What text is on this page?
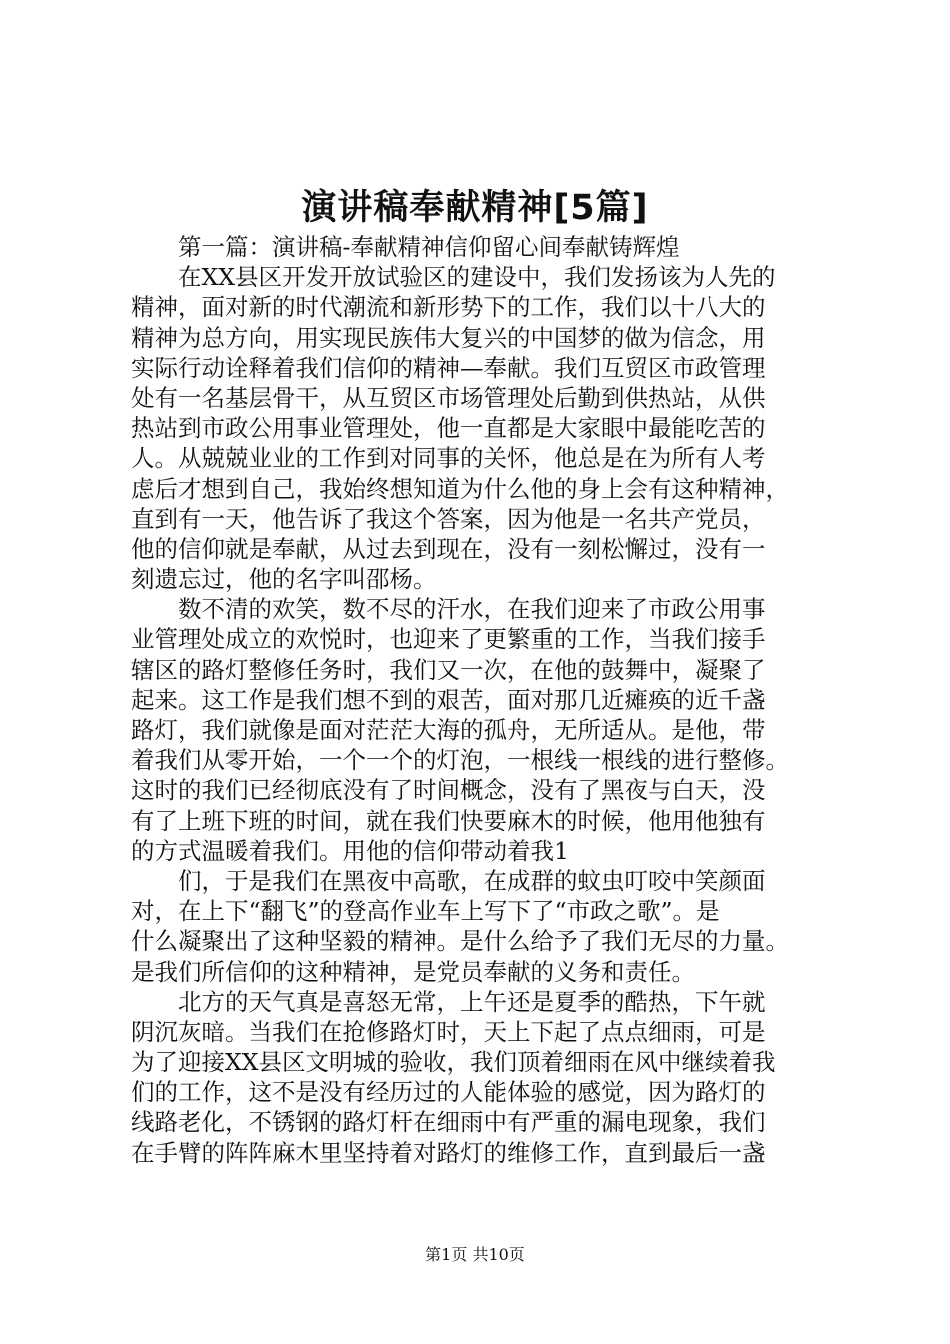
演讲稿奉献精神[5篇]
第一篇：演讲稿-奉献精神信仰留心间奉献铸辉煌
在XX县区开发开放试验区的建设中，我们发扬该为人先的
精神，面对新的时代潮流和新形势下的工作，我们以十八大的
精神为总方向，用实现民族伟大复兴的中国梦的做为信念，用
实际行动诠释着我们信仰的精神—奉献。我们互贸区市政管理
处有一名基层骨干，从互贸区市场管理处后勤到供热站，从供
热站到市政公用事业管理处，他一直都是大家眼中最能吃苦的
人。从兢兢业业的工作到对同事的关怀，他总是在为所有人考
虑后才想到自己，我始终想知道为什么他的身上会有这种精神，
直到有一天，他告诉了我这个答案，因为他是一名共产党员，
他的信仰就是奉献，从过去到现在，没有一刻松懈过，没有一
刻遗忘过，他的名字叫邵杨。
数不清的欢笑，数不尽的汗水，在我们迎来了市政公用事
业管理处成立的欢悦时，也迎来了更繁重的工作，当我们接手
辖区的路灯整修任务时，我们又一次，在他的鼓舞中，凝聚了
起来。这工作是我们想不到的艰苦，面对那几近瘫痪的近千盏
路灯，我们就像是面对茫茫大海的孤舟，无所适从。是他，带
着我们从零开始，一个一个的灯泡，一根线一根线的进行整修。
这时的我们已经彻底没有了时间概念，没有了黑夜与白天，没
有了上班下班的时间，就在我们快要麻木的时候，他用他独有
的方式温暖着我们。用他的信仰带动着我1
们，于是我们在黑夜中高歌，在成群的蚊虫叮咬中笑颜面
对，在上下“翻飞”的登高作业车上写下了“市政之歌”。是
什么凝聚出了这种坚毅的精神。是什么给予了我们无尽的力量。
是我们所信仰的这种精神，是党员奉献的义务和责任。
北方的天气真是喜怒无常，上午还是夏季的酷热，下午就
阴沉灰暗。当我们在抢修路灯时，天上下起了点点细雨，可是
为了迎接XX县区文明城的验收，我们顶着细雨在风中继续着我
们的工作，这不是没有经历过的人能体验的感觉，因为路灯的
线路老化，不锈钢的路灯杆在细雨中有严重的漏电现象，我们
在手臂的阵阵麻木里坚持着对路灯的维修工作，直到最后一盏
第1页 共10页
